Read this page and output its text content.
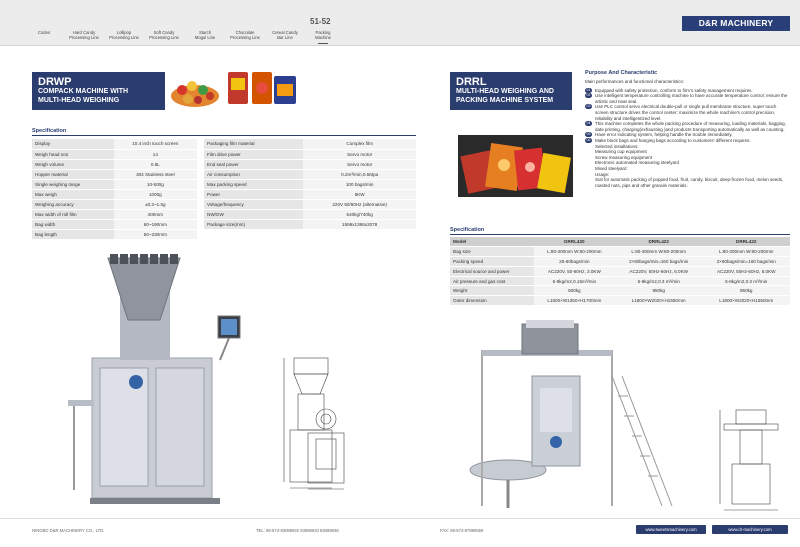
Codes	Hard Candy
Processing Line
Lollipop
Processing Line
Soft Candy
Processing Line
Starch
Mogul Line
Chocolate
Processing Line
Cereal Candy
Bar Line
Packing
Machine
51-52	D&R MACHINERY
DRWP
COMPACK MACHINE WITH
MULTI-HEAD WEIGHING
Specification
Display	10.4 inch touch screen
Weigh head nos	14
Weigh volume	0.8L
Hopper material	304 Stainless steel
Single weighing range	10-500g
Max weigh	1000g
Weighing accuracy	±0.3~1.5g
Max width of roll film	400mm
Bag width	60~190mm
Bag length	50~230mm
Packaging film material	Complex film
Film drive power	Servo motor
End seal power	Servo motor
Air consumption	0.2m³/min,0.6Mpa
Max packing speed	100 bags/min
Power	5KW
Voltage/frequency	220V 50/60Hz (alternative)
NW/GW	540kg/740kg
Package size(mm)	1596x1386x2078
DRRL
MULTI-HEAD WEIGHING AND
PACKING MACHINE SYSTEM
Purpose And Characteristic
Main performances and functional characteristics:
01	Equipped with safety protection, conform to firm's safety management requires.
02	Use intelligent temperature controlling machine to have accurate temperature control; ensure the artistic and neat seal.
03	Use PLC control servo electrical double-pull or single pull membrane structure, super touch screen structure drives the control center; maximize the whole machine's control precision, reliability and intelligentized level.
04	This machine completes the whole packing procedure of measuring, loading materials, bagging, date printing, charging(exhausting )and products transporting automatically as well as counting.
05	Have error indicating system, helping handle the trouble immediately.
06	Make block bags and hanging bags according to customers' different requires.
Selected installations:
Measuring cup equipment
Screw measuring equipment
Electronic automated measuring steelyard
Mixed steelyard
Usage:
Suit for automatic packing of popped food, fruit, candy, biscuit, deep-frozen food, melon seeds, roasted nuts, pips and other granule materials.
Specification
Model	DRRL420	DRRL422	DRRL422
Bag size	L:80-300mm W:80-200mm	L:80-300mm W:80-200mm	L:80-300mm W:80-200mm
Packing speed	25-60bags/min	2×60bags/min=160 bags/min	2×60bags/min=160 bags/min
Electrical source and power	AC220V, 50-60Hz, 3.0KW	AC220V, 50Hz-60Hz, 6.0KW	AC220V, 50Hz-60Hz, 6.0KW
Air pressure and gas cost	6-8kg/m2,0.15m³/min	6-8kg/m2,0.3 m³/min	6-8kg/m2,0.3 m³/min
Weight	500kg	950kg	950kg
Outer dimension	L1600×W1350×H1700mm	L1800×W2020×H1550mm	L1800×W2020×H1550mm
NINGBO D&R MACHINERY CO., LTD.	TEL: 86-574-83088932 83088933 83088936	FAX: 86-574-87889559	www.sweetsmachinery.com	www.dr-machinery.com
